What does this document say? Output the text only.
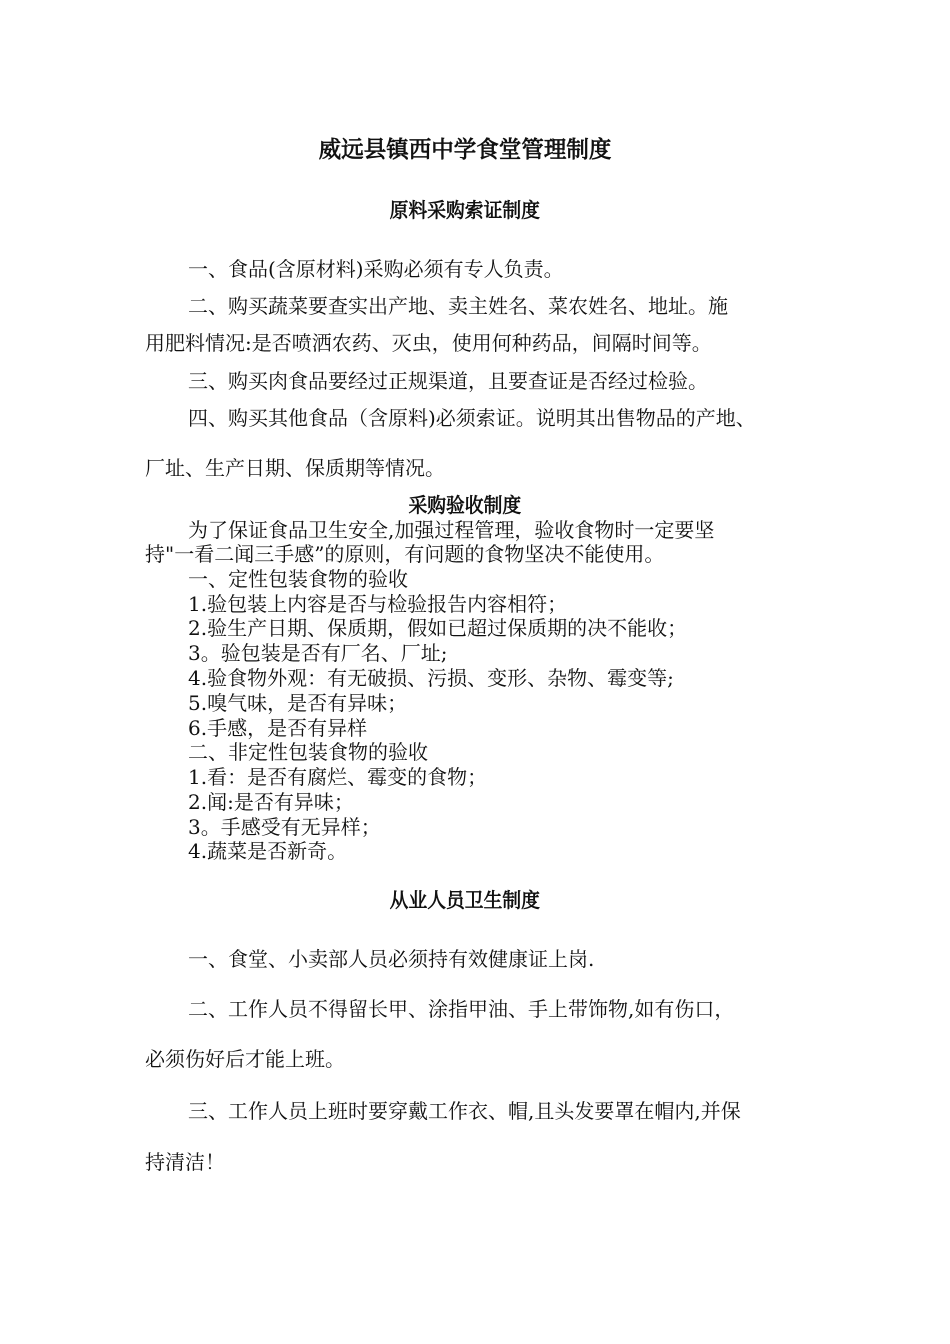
威远县镇西中学食堂管理制度
原料采购索证制度
一、食品(含原材料)采购必须有专人负责。
二、购买蔬菜要查实出产地、卖主姓名、菜农姓名、地址。施
用肥料情况:是否喷洒农药、灭虫，使用何种药品，间隔时间等。
三、购买肉食品要经过正规渠道，且要查证是否经过检验。
四、购买其他食品（含原料)必须索证。说明其出售物品的产地、
厂址、生产日期、保质期等情况。
采购验收制度
为了保证食品卫生安全,加强过程管理，验收食物时一定要坚
持"一看二闻三手感”的原则，有问题的食物坚决不能使用。
一、定性包装食物的验收
1.验包装上内容是否与检验报告内容相符；
2.验生产日期、保质期，假如已超过保质期的决不能收；
3。验包装是否有厂名、厂址;
4.验食物外观：有无破损、污损、变形、杂物、霉变等;
5.嗅气味，是否有异味；
6.手感，是否有异样
二、非定性包装食物的验收
1.看：是否有腐烂、霉变的食物；
2.闻:是否有异味；
3。手感受有无异样；
4.蔬菜是否新奇。
从业人员卫生制度
一、食堂、小卖部人员必须持有效健康证上岗.
二、工作人员不得留长甲、涂指甲油、手上带饰物,如有伤口，
必须伤好后才能上班。
三、工作人员上班时要穿戴工作衣、帽,且头发要罩在帽内,并保
持清洁！
